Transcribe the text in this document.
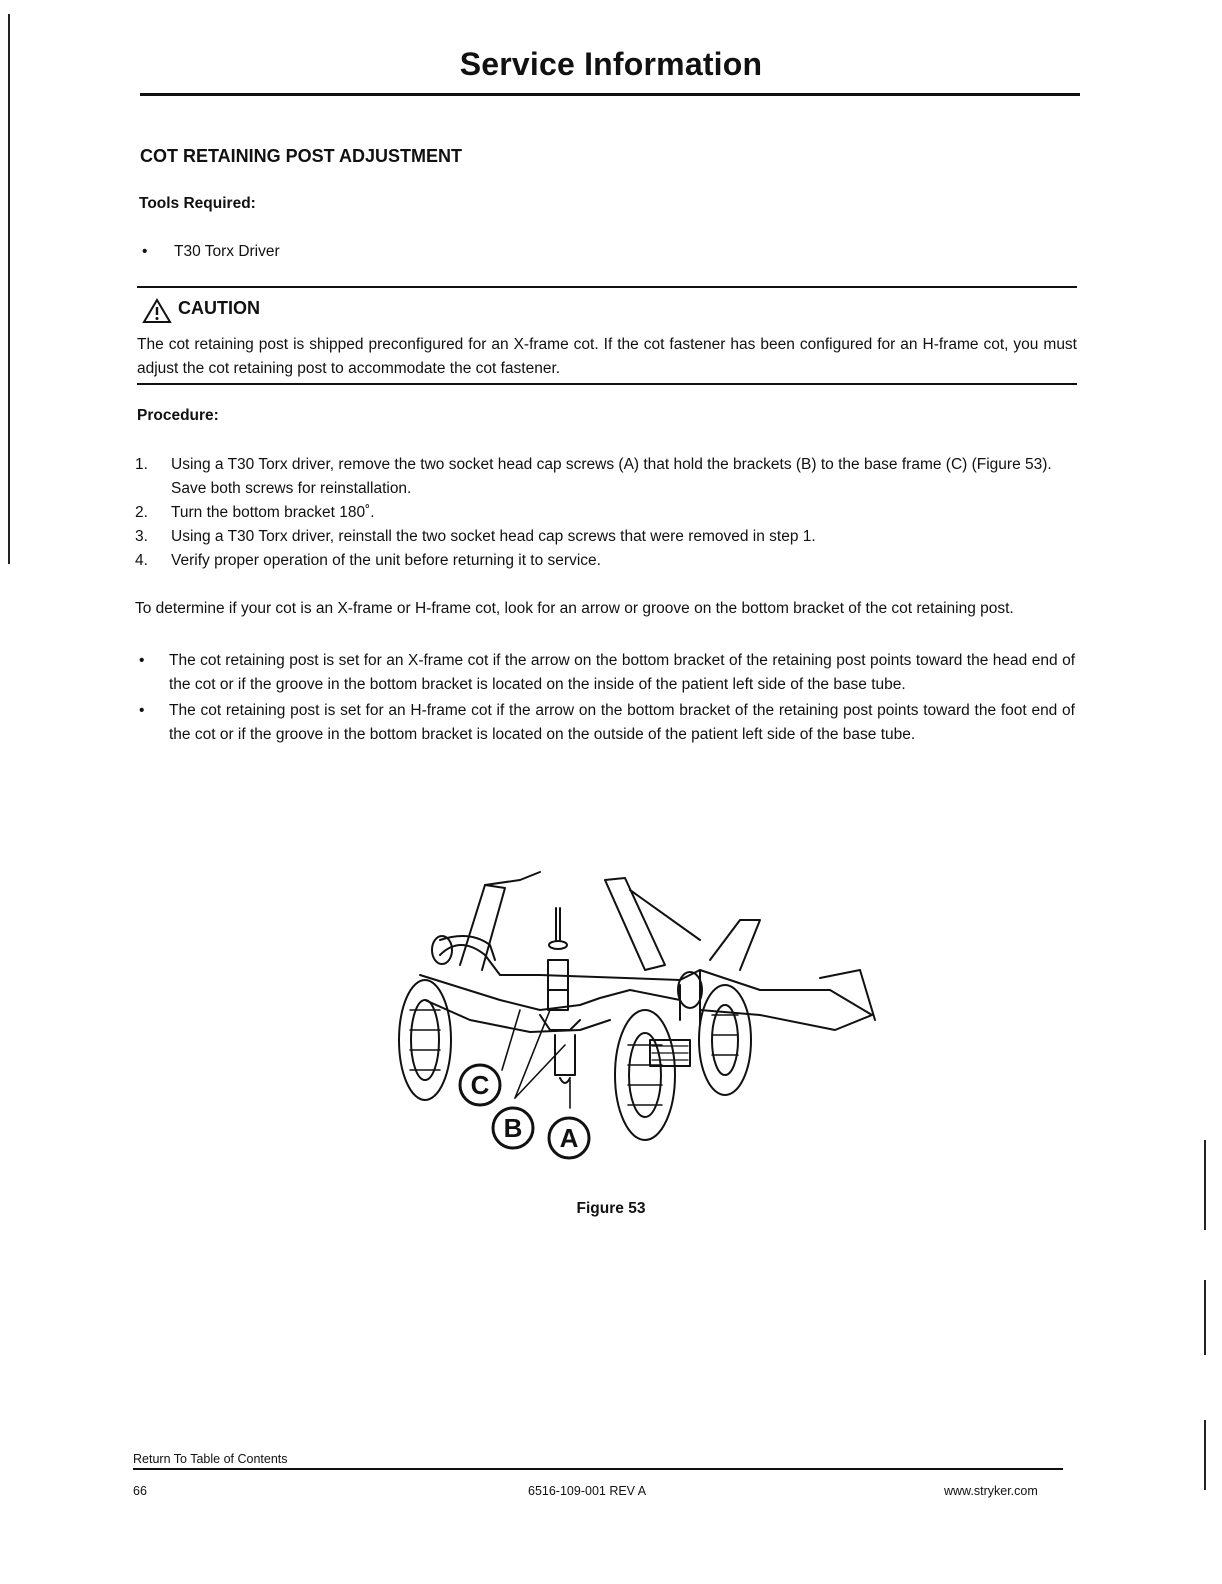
Service Information
COT RETAINING POST ADJUSTMENT
Tools Required:
• T30 Torx Driver
CAUTION
The cot retaining post is shipped preconfigured for an X-frame cot. If the cot fastener has been configured for an H-frame cot, you must adjust the cot retaining post to accommodate the cot fastener.
Procedure:
1. Using a T30 Torx driver, remove the two socket head cap screws (A) that hold the brackets (B) to the base frame (C) (Figure 53). Save both screws for reinstallation.
2. Turn the bottom bracket 180˚.
3. Using a T30 Torx driver, reinstall the two socket head cap screws that were removed in step 1.
4. Verify proper operation of the unit before returning it to service.
To determine if your cot is an X-frame or H-frame cot, look for an arrow or groove on the bottom bracket of the cot retaining post.
• The cot retaining post is set for an X-frame cot if the arrow on the bottom bracket of the retaining post points toward the head end of the cot or if the groove in the bottom bracket is located on the inside of the patient left side of the base tube.
• The cot retaining post is set for an H-frame cot if the arrow on the bottom bracket of the retaining post points toward the foot end of the cot or if the groove in the bottom bracket is located on the outside of the patient left side of the base tube.
C
B A
Figure 53
Return To Table of Contents
66	6516-109-001 REV A	www.stryker.com
